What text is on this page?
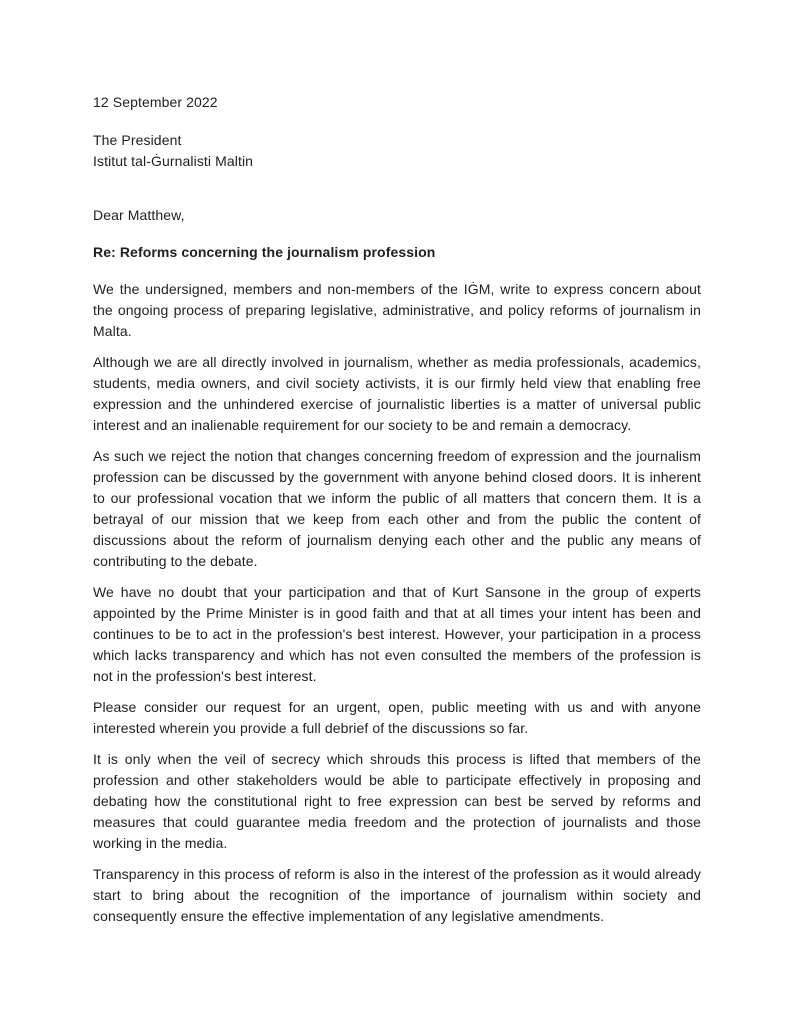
12 September 2022
The President
Istitut tal-Ġurnalisti Maltin
Dear Matthew,
Re: Reforms concerning the journalism profession

We the undersigned, members and non-members of the IĠM, write to express concern about the ongoing process of preparing legislative, administrative, and policy reforms of journalism in Malta.

Although we are all directly involved in journalism, whether as media professionals, academics, students, media owners, and civil society activists, it is our firmly held view that enabling free expression and the unhindered exercise of journalistic liberties is a matter of universal public interest and an inalienable requirement for our society to be and remain a democracy.

As such we reject the notion that changes concerning freedom of expression and the journalism profession can be discussed by the government with anyone behind closed doors. It is inherent to our professional vocation that we inform the public of all matters that concern them. It is a betrayal of our mission that we keep from each other and from the public the content of discussions about the reform of journalism denying each other and the public any means of contributing to the debate.

We have no doubt that your participation and that of Kurt Sansone in the group of experts appointed by the Prime Minister is in good faith and that at all times your intent has been and continues to be to act in the profession's best interest. However, your participation in a process which lacks transparency and which has not even consulted the members of the profession is not in the profession's best interest.

Please consider our request for an urgent, open, public meeting with us and with anyone interested wherein you provide a full debrief of the discussions so far.

It is only when the veil of secrecy which shrouds this process is lifted that members of the profession and other stakeholders would be able to participate effectively in proposing and debating how the constitutional right to free expression can best be served by reforms and measures that could guarantee media freedom and the protection of journalists and those working in the media.

Transparency in this process of reform is also in the interest of the profession as it would already start to bring about the recognition of the importance of journalism within society and consequently ensure the effective implementation of any legislative amendments.
